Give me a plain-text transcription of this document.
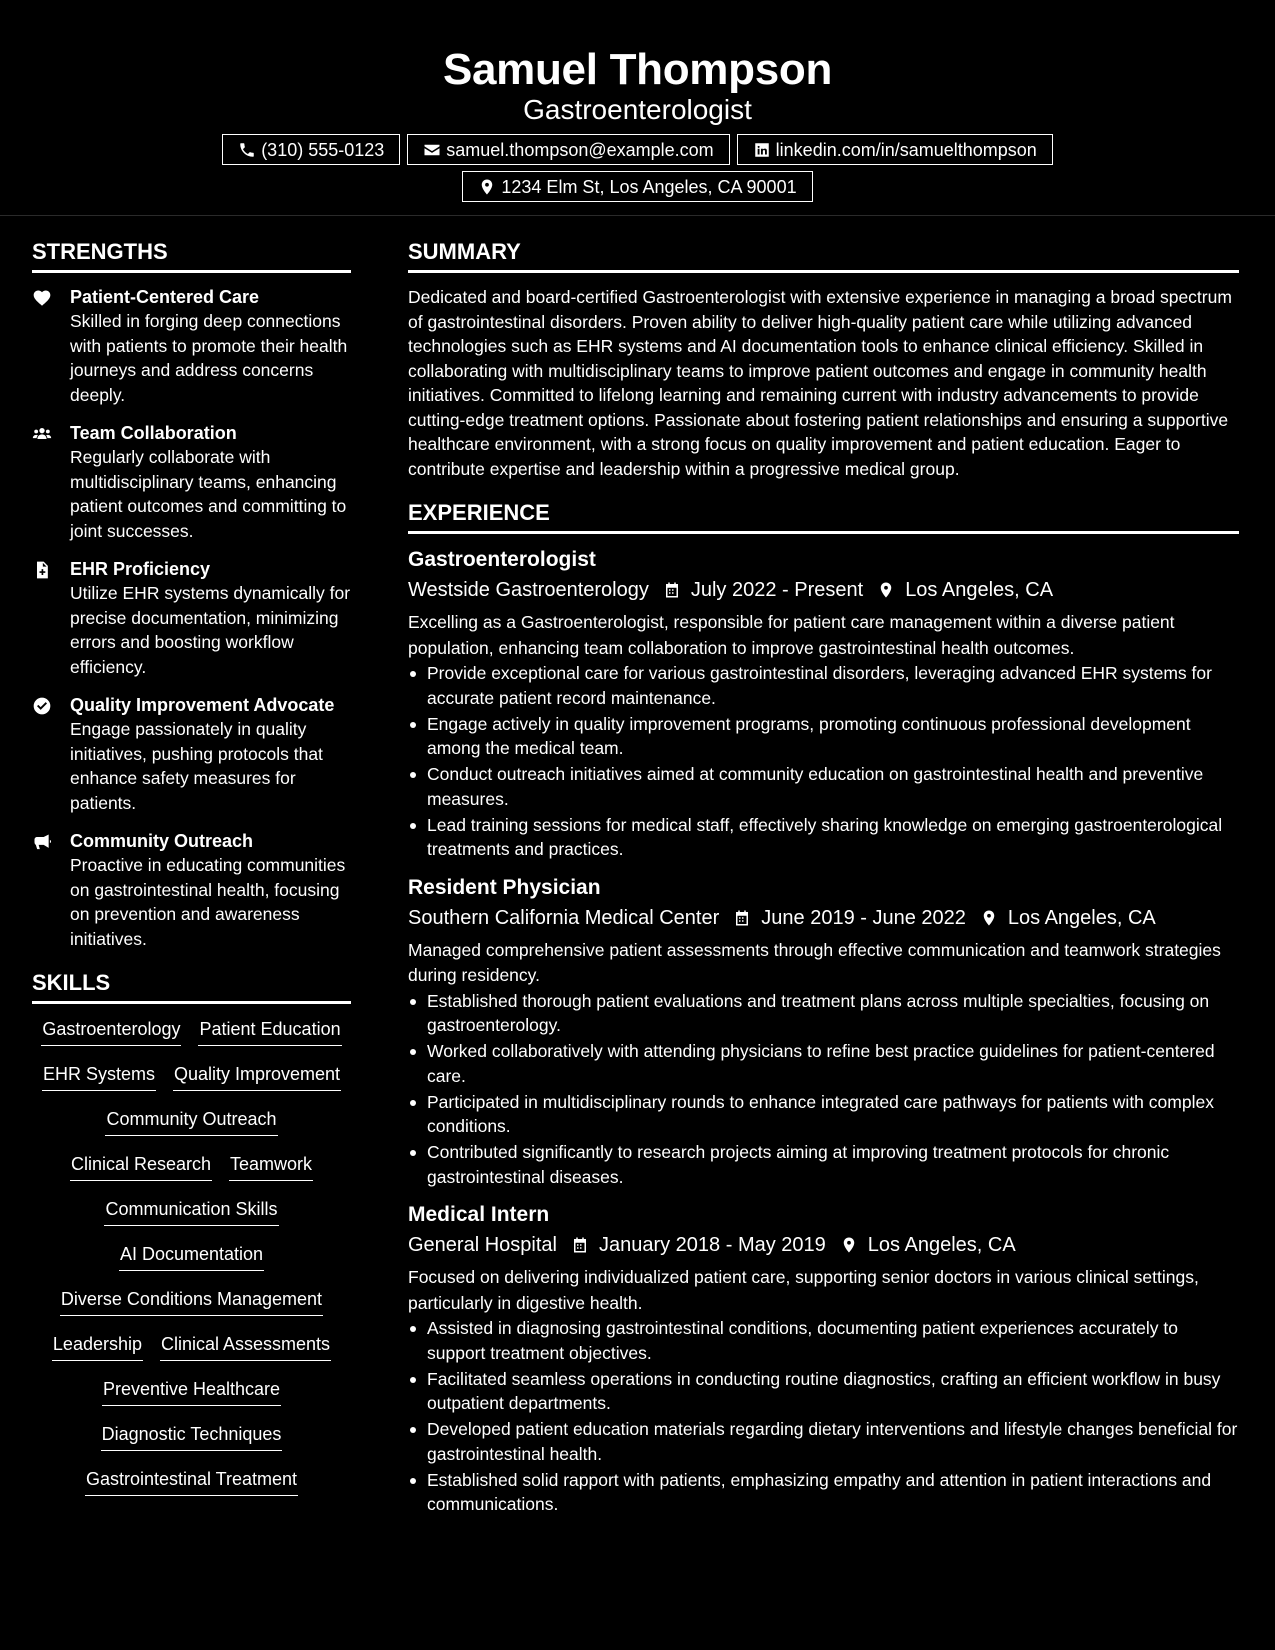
Samuel Thompson
Gastroenterologist
(310) 555-0123	samuel.thompson@example.com	linkedin.com/in/samuelthompson
1234 Elm St, Los Angeles, CA 90001
STRENGTHS
Patient-Centered Care
Skilled in forging deep connections with patients to promote their health journeys and address concerns deeply.
Team Collaboration
Regularly collaborate with multidisciplinary teams, enhancing patient outcomes and committing to joint successes.
EHR Proficiency
Utilize EHR systems dynamically for precise documentation, minimizing errors and boosting workflow efficiency.
Quality Improvement Advocate
Engage passionately in quality initiatives, pushing protocols that enhance safety measures for patients.
Community Outreach
Proactive in educating communities on gastrointestinal health, focusing on prevention and awareness initiatives.
SKILLS
Gastroenterology Patient Education
EHR Systems Quality Improvement
Community Outreach
Clinical Research Teamwork
Communication Skills
AI Documentation
Diverse Conditions Management
Leadership Clinical Assessments
Preventive Healthcare
Diagnostic Techniques
Gastrointestinal Treatment
SUMMARY
Dedicated and board-certified Gastroenterologist with extensive experience in managing a broad spectrum of gastrointestinal disorders. Proven ability to deliver high-quality patient care while utilizing advanced technologies such as EHR systems and AI documentation tools to enhance clinical efficiency. Skilled in collaborating with multidisciplinary teams to improve patient outcomes and engage in community health initiatives. Committed to lifelong learning and remaining current with industry advancements to provide cutting-edge treatment options. Passionate about fostering patient relationships and ensuring a supportive healthcare environment, with a strong focus on quality improvement and patient education. Eager to contribute expertise and leadership within a progressive medical group.
EXPERIENCE
Gastroenterologist
Westside Gastroenterology July 2022 - Present Los Angeles, CA
Excelling as a Gastroenterologist, responsible for patient care management within a diverse patient population, enhancing team collaboration to improve gastrointestinal health outcomes.
Provide exceptional care for various gastrointestinal disorders, leveraging advanced EHR systems for accurate patient record maintenance.
Engage actively in quality improvement programs, promoting continuous professional development among the medical team.
Conduct outreach initiatives aimed at community education on gastrointestinal health and preventive measures.
Lead training sessions for medical staff, effectively sharing knowledge on emerging gastroenterological treatments and practices.
Resident Physician
Southern California Medical Center June 2019 - June 2022 Los Angeles, CA
Managed comprehensive patient assessments through effective communication and teamwork strategies during residency.
Established thorough patient evaluations and treatment plans across multiple specialties, focusing on gastroenterology.
Worked collaboratively with attending physicians to refine best practice guidelines for patient-centered care.
Participated in multidisciplinary rounds to enhance integrated care pathways for patients with complex conditions.
Contributed significantly to research projects aiming at improving treatment protocols for chronic gastrointestinal diseases.
Medical Intern
General Hospital January 2018 - May 2019 Los Angeles, CA
Focused on delivering individualized patient care, supporting senior doctors in various clinical settings, particularly in digestive health.
Assisted in diagnosing gastrointestinal conditions, documenting patient experiences accurately to support treatment objectives.
Facilitated seamless operations in conducting routine diagnostics, crafting an efficient workflow in busy outpatient departments.
Developed patient education materials regarding dietary interventions and lifestyle changes beneficial for gastrointestinal health.
Established solid rapport with patients, emphasizing empathy and attention in patient interactions and communications.
